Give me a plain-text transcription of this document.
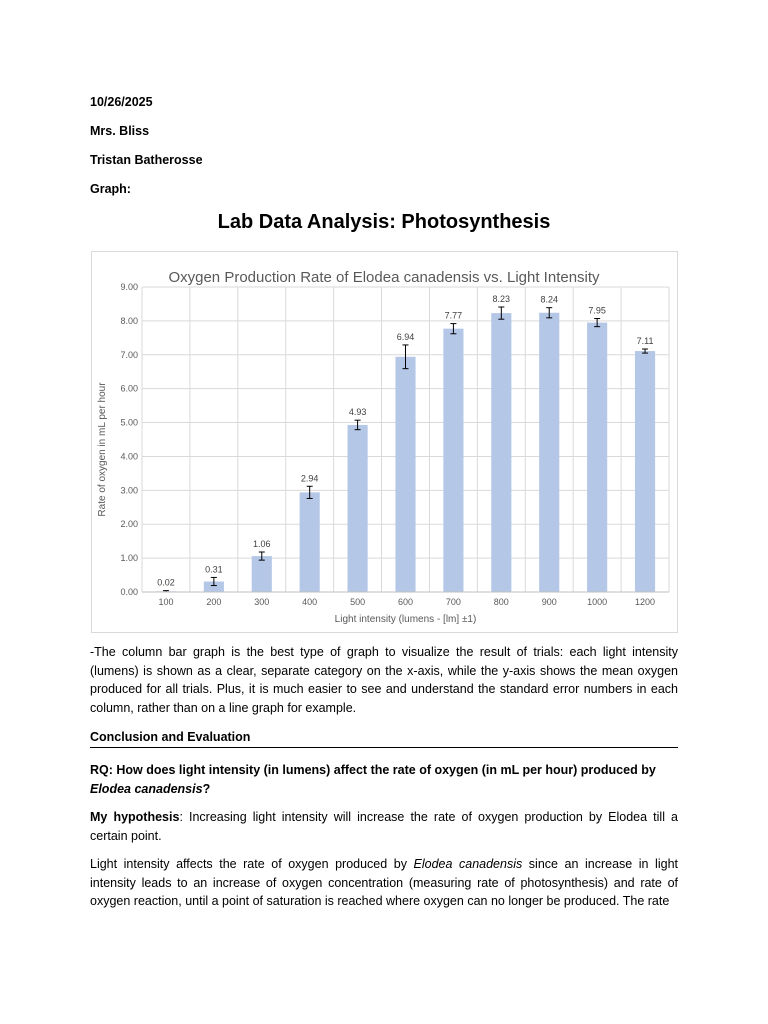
10/26/2025

Mrs. Bliss

Tristan Batherosse

Graph:

Lab Data Analysis: Photosynthesis
0.00
1.00
2.00
3.00
4.00
5.00
6.00
7.00
8.00
9.00
0.02
100
0.31
200
1.06
300
2.94
400
4.93
500
6.94
600
7.77
700
8.23
800
8.24
900
7.95
1000
7.11
1200
Oxygen Production Rate of Elodea canadensis vs. Light Intensity
Light intensity (lumens - [lm] ±1)
Rate of oxygen in mL per hour

-The column bar graph is the best type of graph to visualize the result of trials: each light intensity (lumens) is shown as a clear, separate category on the x-axis, while the y-axis shows the mean oxygen produced for all trials. Plus, it is much easier to see and understand the standard error numbers in each column, rather than on a line graph for example.

Conclusion and Evaluation

RQ: How does light intensity (in lumens) affect the rate of oxygen (in mL per hour) produced by Elodea canadensis?

My hypothesis: Increasing light intensity will increase the rate of oxygen production by Elodea till a certain point.

Light intensity affects the rate of oxygen produced by Elodea canadensis since an increase in light intensity leads to an increase of oxygen concentration (measuring rate of photosynthesis) and rate of oxygen reaction, until a point of saturation is reached where oxygen can no longer be produced. The rate
